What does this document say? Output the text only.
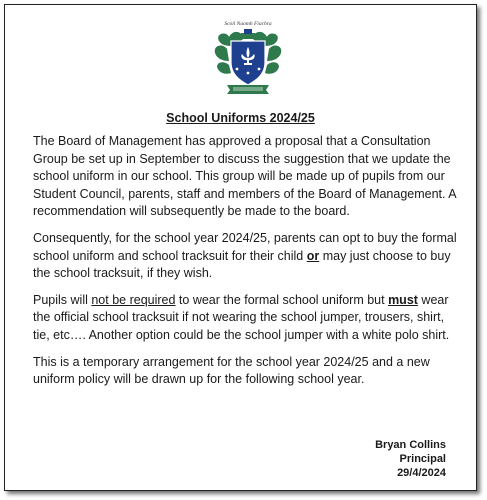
Scoil Naomh Fiachra
School Uniforms 2024/25

The Board of Management has approved a proposal that a Consultation Group be set up in September to discuss the suggestion that we update the school uniform in our school. This group will be made up of pupils from our Student Council, parents, staff and members of the Board of Management. A recommendation will subsequently be made to the board.

Consequently, for the school year 2024/25, parents can opt to buy the formal school uniform and school tracksuit for their child or may just choose to buy the school tracksuit, if they wish.

Pupils will not be required to wear the formal school uniform but must wear the official school tracksuit if not wearing the school jumper, trousers, shirt, tie, etc…. Another option could be the school jumper with a white polo shirt.

This is a temporary arrangement for the school year 2024/25 and a new uniform policy will be drawn up for the following school year.

Bryan Collins
Principal
29/4/2024
